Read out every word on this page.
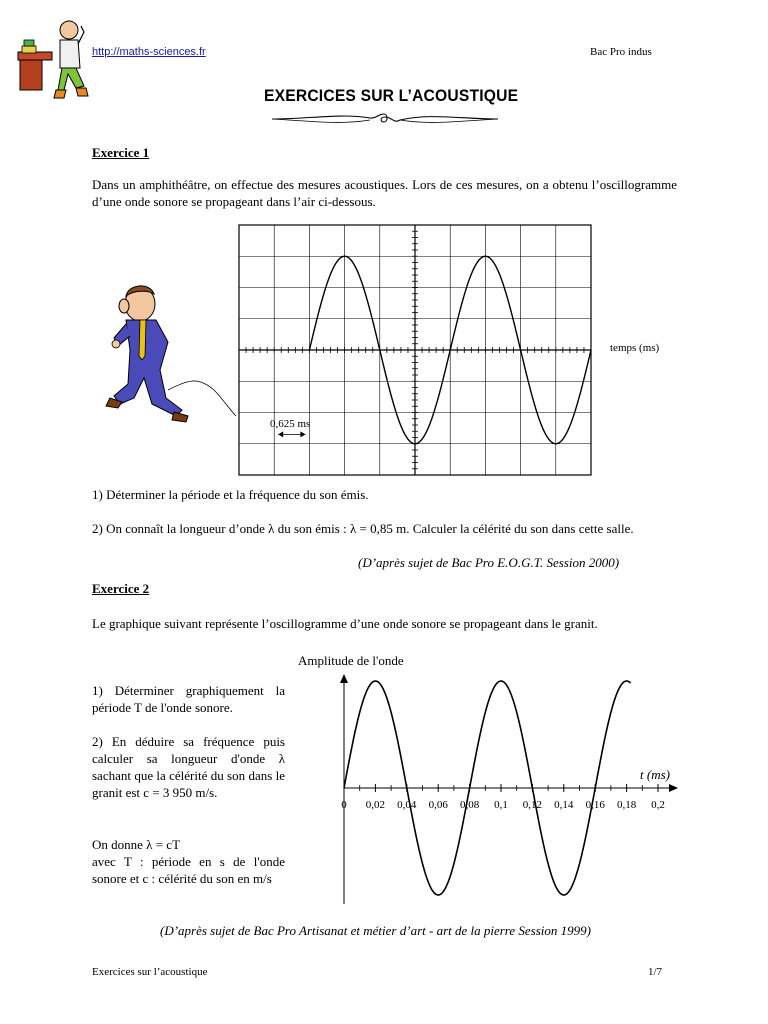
http://maths-sciences.fr	Bac Pro indus
EXERCICES SUR L’ACOUSTIQUE
Exercice 1
Dans un amphithéâtre, on effectue des mesures acoustiques. Lors de ces mesures, on a obtenu l’oscillogramme d’une onde sonore se propageant dans l’air ci-dessous.
temps (ms)
0,625 ms
1) Déterminer la période et la fréquence du son émis.
2) On connaît la longueur d’onde λ du son émis : λ = 0,85 m. Calculer la célérité du son dans cette salle.
(D’après sujet de Bac Pro E.O.G.T. Session 2000)
Exercice 2
Le graphique suivant représente l’oscillogramme d’une onde sonore se propageant dans le granit.
Amplitude de l'onde
1) Déterminer graphiquement la période T de l'onde sonore.
2) En déduire sa fréquence puis calculer sa longueur d'onde λ sachant que la célérité du son dans le granit est c = 3 950 m/s.
On donne λ = cT
avec T : période en s de l'onde sonore et c : célérité du son en m/s
0 0,02 0,04 0,06 0,08 0,1 0,12 0,14 0,16 0,18 0,2
t (ms)
(D’après sujet de Bac Pro Artisanat et métier d’art - art de la pierre Session 1999)
Exercices sur l’acoustique	1/7
